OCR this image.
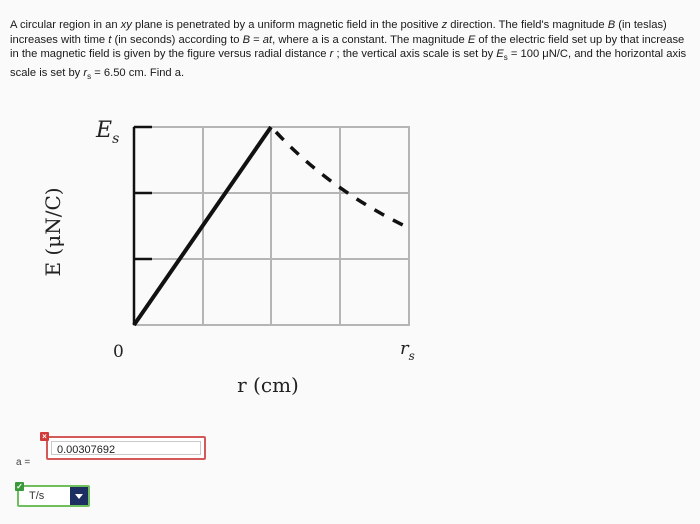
A circular region in an xy plane is penetrated by a uniform magnetic field in the positive z direction. The field's magnitude B (in teslas) increases with time t (in seconds) according to B = at, where a is a constant. The magnitude E of the electric field set up by that increase in the magnetic field is given by the figure versus radial distance r ; the vertical axis scale is set by $E_s = 100$ μN/C, and the horizontal axis scale is set by $r_s = 6.50$ cm. Find a.

$E_s$
E (μN/C)
0	$r_s$
r (cm)
a =
0.00307692
×
T/s
✓
